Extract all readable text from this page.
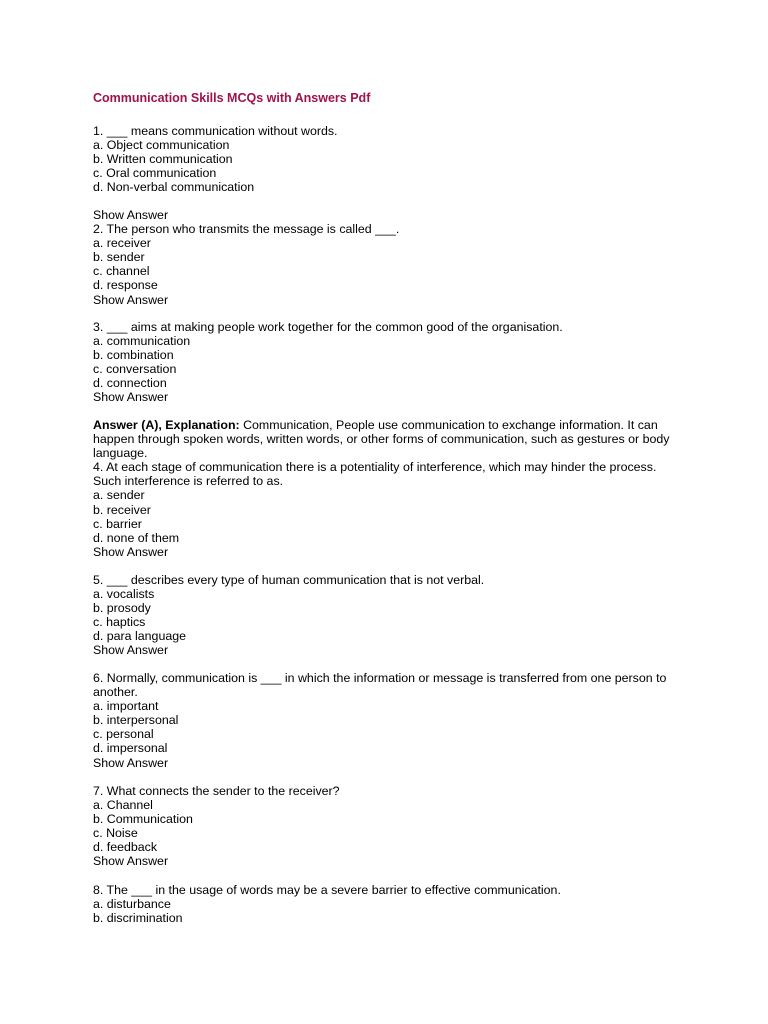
Communication Skills MCQs with Answers Pdf
1. ___ means communication without words.
a. Object communication
b. Written communication
c. Oral communication
d. Non-verbal communication
Show Answer
2. The person who transmits the message is called ___.
a. receiver
b. sender
c. channel
d. response
Show Answer
3. ___ aims at making people work together for the common good of the organisation.
a. communication
b. combination
c. conversation
d. connection
Show Answer
Answer (A), Explanation: Communication, People use communication to exchange information. It can happen through spoken words, written words, or other forms of communication, such as gestures or body language.
4. At each stage of communication there is a potentiality of interference, which may hinder the process. Such interference is referred to as.
a. sender
b. receiver
c. barrier
d. none of them
Show Answer
5. ___ describes every type of human communication that is not verbal.
a. vocalists
b. prosody
c. haptics
d. para language
Show Answer
6. Normally, communication is ___ in which the information or message is transferred from one person to another.
a. important
b. interpersonal
c. personal
d. impersonal
Show Answer
7. What connects the sender to the receiver?
a. Channel
b. Communication
c. Noise
d. feedback
Show Answer
8. The ___ in the usage of words may be a severe barrier to effective communication.
a. disturbance
b. discrimination
